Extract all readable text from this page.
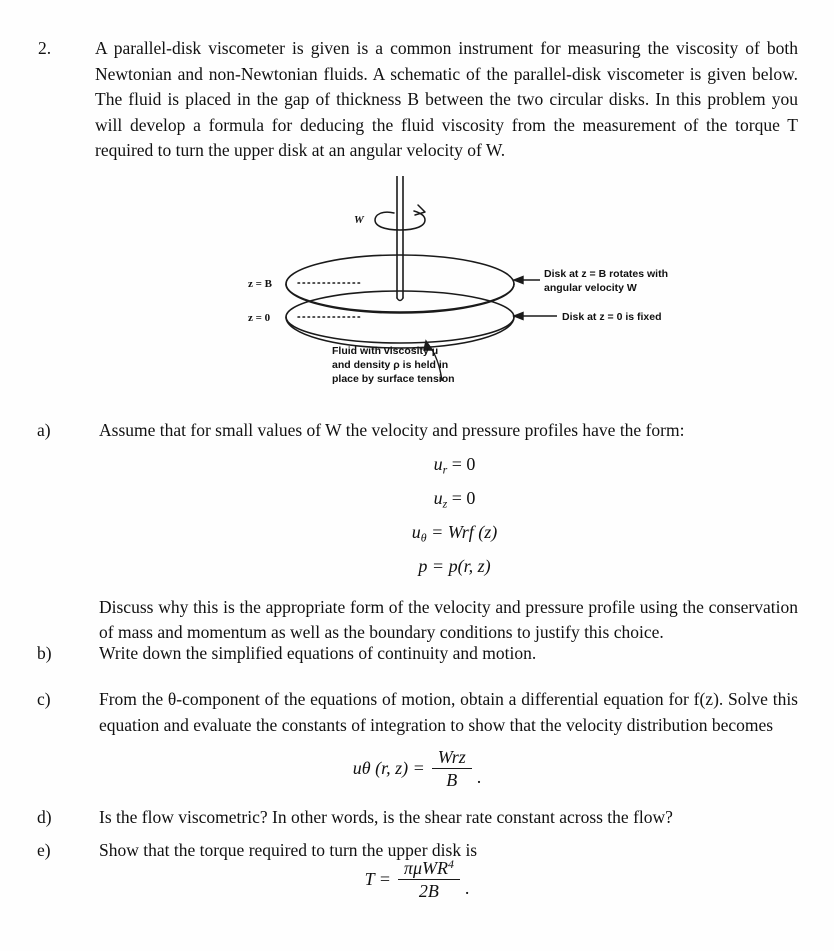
2.	A parallel-disk viscometer is given is a common instrument for measuring the viscosity of both Newtonian and non-Newtonian fluids. A schematic of the parallel-disk viscometer is given below. The fluid is placed in the gap of thickness B between the two circular disks. In this problem you will develop a formula for deducing the fluid viscosity from the measurement of the torque T required to turn the upper disk at an angular velocity of W.
W
z = B
z = 0
Disk at z = B rotates with
angular velocity W
Disk at z = 0 is fixed
Fluid with viscosity μ
and density ρ is held in
place by surface tension
a)	Assume that for small values of W the velocity and pressure profiles have the form:
$u_r = 0$
$u_z = 0$
$u_\theta$ = Wrf (z)
p = p(r, z)
Discuss why this is the appropriate form of the velocity and pressure profile using the conservation of mass and momentum as well as the boundary conditions to justify this choice.
b)	Write down the simplified equations of continuity and motion.
c)	From the θ-component of the equations of motion, obtain a differential equation for f(z). Solve this equation and evaluate the constants of integration to show that the velocity distribution becomes
uθ (r, $z) = \frac{\text{Wrz}}{B}$ .
d)	Is the flow viscometric? In other words, is the shear rate constant across the flow?
e)	Show that the torque required to turn the upper disk is
$T = \frac{\pi\mu WR^4}{2B}$ .
